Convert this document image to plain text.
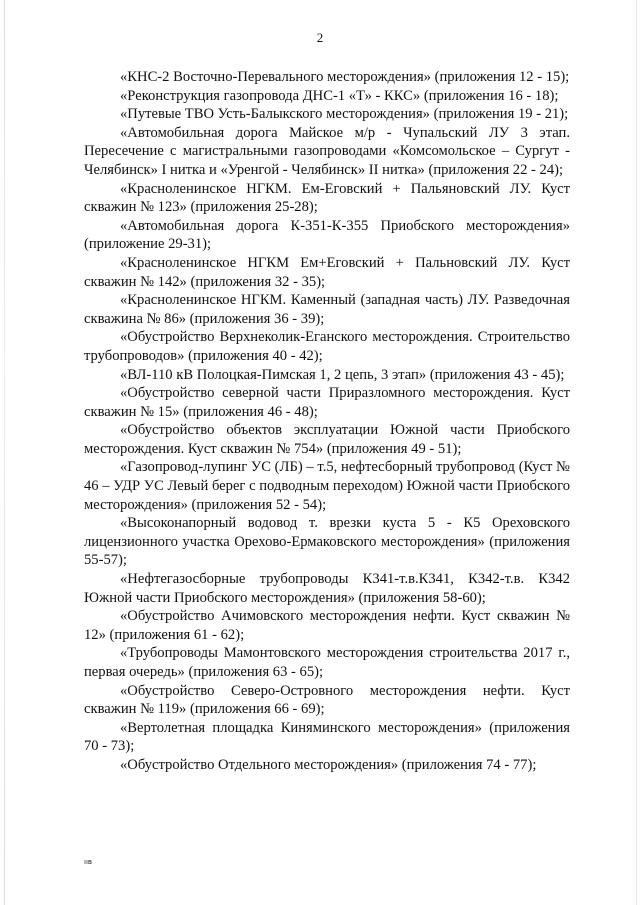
2

«КНС-2 Восточно-Перевального месторождения» (приложения 12 - 15);

«Реконструкция газопровода ДНС-1 «Т» - ККС» (приложения 16 - 18);

«Путевые ТВО Усть-Балыкского месторождения» (приложения 19 - 21);

«Автомобильная дорога Майское м/р - Чупальский ЛУ 3 этап. Пересечение с магистральными газопроводами «Комсомольское – Сургут - Челябинск» I нитка и «Уренгой - Челябинск» II нитка» (приложения 22 - 24);

«Красноленинское НГКМ. Ем-Еговский + Пальяновский ЛУ. Куст скважин № 123» (приложения 25-28);

«Автомобильная дорога К-351-К-355 Приобского месторождения» (приложение 29-31);

«Красноленинское НГКМ Ем+Еговский + Пальновский ЛУ. Куст скважин № 142» (приложения 32 - 35);

«Красноленинское НГКМ. Каменный (западная часть) ЛУ. Разведочная скважина № 86» (приложения 36 - 39);

«Обустройство Верхнеколик-Еганского месторождения. Строительство трубопроводов» (приложения 40 - 42);

«ВЛ-110 кВ Полоцкая-Пимская 1, 2 цепь, 3 этап» (приложения 43 - 45);

«Обустройство северной части Приразломного месторождения. Куст скважин № 15» (приложения 46 - 48);

«Обустройство объектов эксплуатации Южной части Приобского месторождения. Куст скважин № 754» (приложения 49 - 51);

«Газопровод-лупинг УС (ЛБ) – т.5, нефтесборный трубопровод (Куст № 46 – УДР УС Левый берег с подводным переходом) Южной части Приобского месторождения» (приложения 52 - 54);

«Высоконапорный водовод т. врезки куста 5 - К5 Ореховского лицензионного участка Орехово-Ермаковского месторождения» (приложения 55-57);

«Нефтегазосборные трубопроводы К341-т.в.К341, К342-т.в. К342 Южной части Приобского месторождения» (приложения 58-60);

«Обустройство Ачимовского месторождения нефти. Куст скважин № 12» (приложения 61 - 62);

«Трубопроводы Мамонтовского месторождения строительства 2017 г., первая очередь» (приложения 63 - 65);

«Обустройство Северо-Островного месторождения нефти. Куст скважин № 119» (приложения 66 - 69);

«Вертолетная площадка Киняминского месторождения» (приложения 70 - 73);

«Обустройство Отдельного месторождения» (приложения 74 - 77);

ııв
